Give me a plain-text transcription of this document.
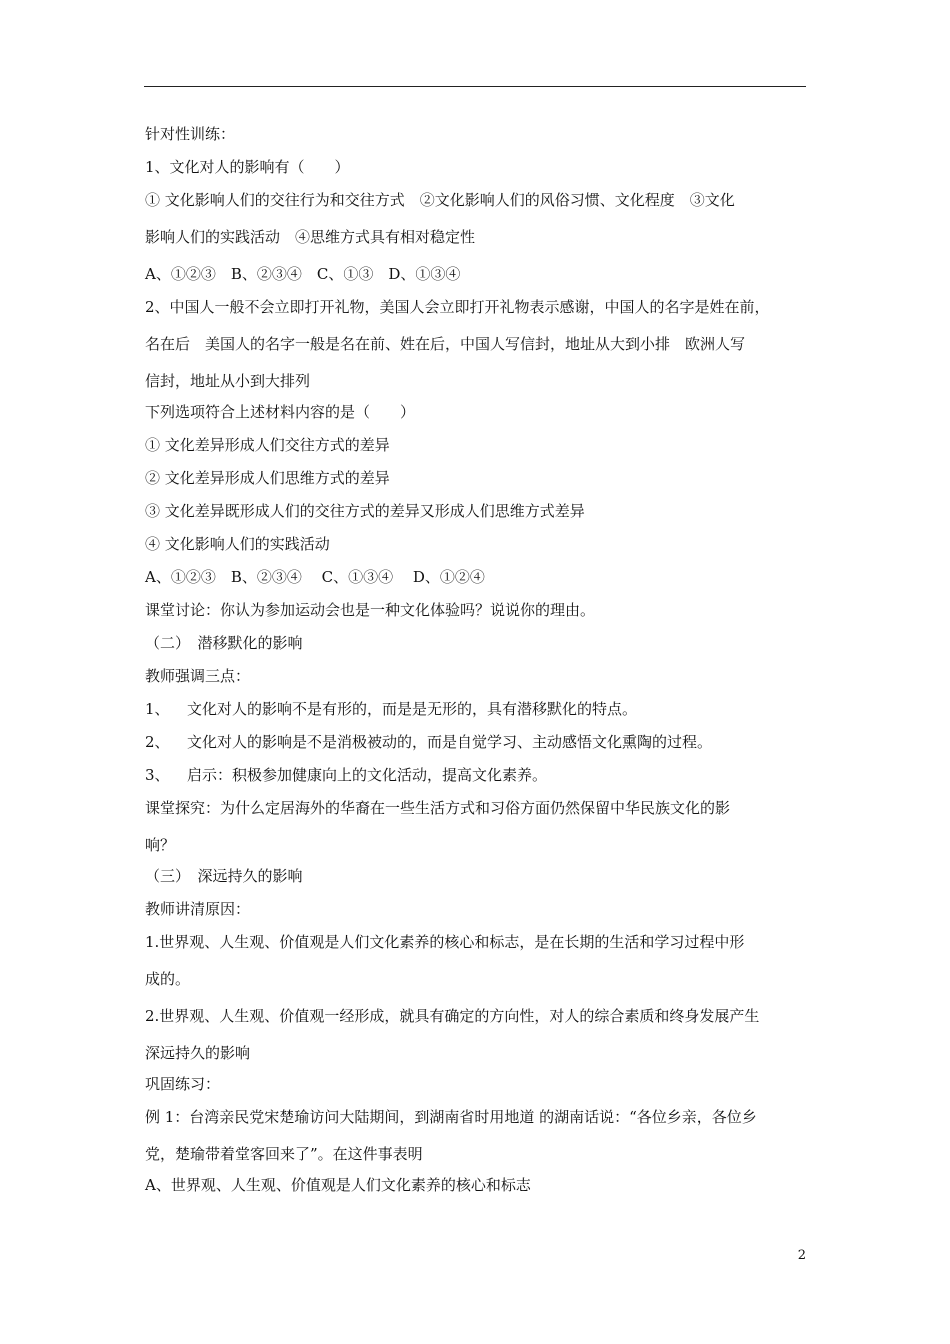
针对性训练：

1、文化对人的影响有（　　）

① 文化影响人们的交往行为和交往方式　②文化影响人们的风俗习惯、文化程度　③文化

影响人们的实践活动　④思维方式具有相对稳定性

A、①②③　B、②③④　C、①③　D、①③④

2、中国人一般不会立即打开礼物，美国人会立即打开礼物表示感谢，中国人的名字是姓在前，

名在后　美国人的名字一般是名在前、姓在后，中国人写信封，地址从大到小排　欧洲人写

信封，地址从小到大排列

下列选项符合上述材料内容的是（　　）

① 文化差异形成人们交往方式的差异

② 文化差异形成人们思维方式的差异

③ 文化差异既形成人们的交往方式的差异又形成人们思维方式差异

④ 文化影响人们的实践活动

A、①②③　B、②③④　 C、①③④　 D、①②④

课堂讨论：你认为参加运动会也是一种文化体验吗？说说你的理由。

（二）　潜移默化的影响

教师强调三点：

1、 文化对人的影响不是有形的，而是是无形的，具有潜移默化的特点。

2、 文化对人的影响是不是消极被动的，而是自觉学习、主动感悟文化熏陶的过程。

3、 启示：积极参加健康向上的文化活动，提高文化素养。

课堂探究：为什么定居海外的华裔在一些生活方式和习俗方面仍然保留中华民族文化的影

响？

（三）　深远持久的影响

教师讲清原因：

1.世界观、人生观、价值观是人们文化素养的核心和标志，是在长期的生活和学习过程中形

成的。

2.世界观、人生观、价值观一经形成，就具有确定的方向性，对人的综合素质和终身发展产生

深远持久的影响

巩固练习：

例 1：台湾亲民党宋楚瑜访问大陆期间，到湖南省时用地道 的湖南话说：“各位乡亲，各位乡

党，楚瑜带着堂客回来了”。在这件事表明

A、世界观、人生观、价值观是人们文化素养的核心和标志

2
